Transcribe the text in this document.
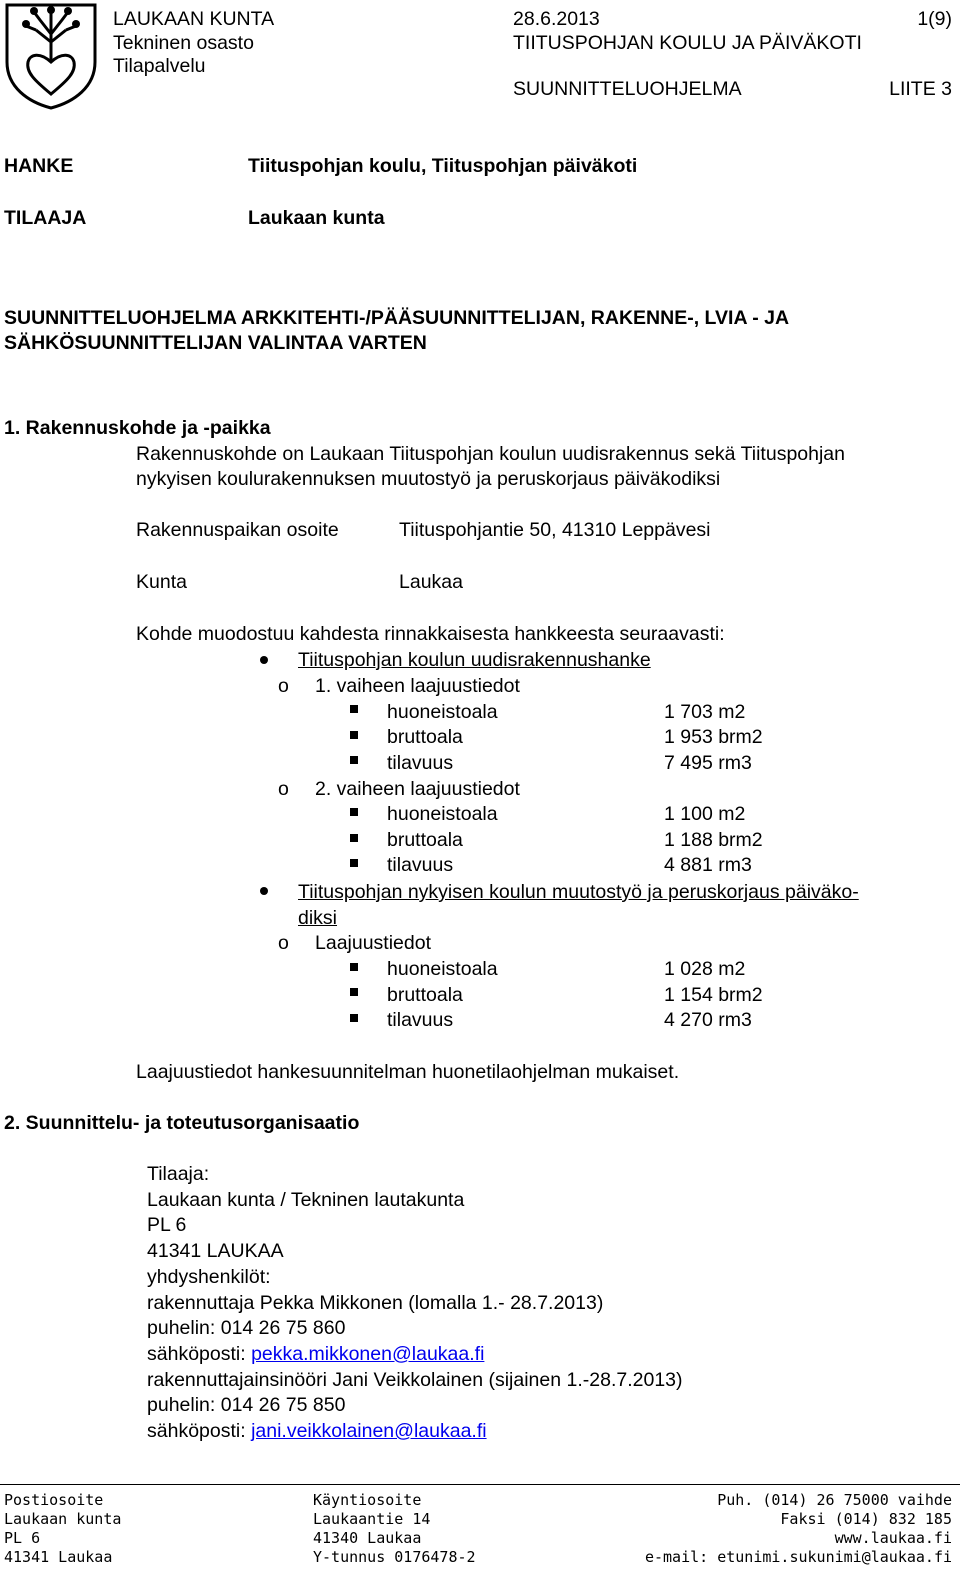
LAUKAAN KUNTA
Tekninen osasto
Tilapalvelu
28.6.2013
TIITUSPOHJAN KOULU JA PÄIVÄKOTI
SUUNNITTELUOHJELMA
1(9)
LIITE 3
HANKE	Tiituspohjan koulu, Tiituspohjan päiväkoti
TILAAJA	Laukaan kunta
SUUNNITTELUOHJELMA ARKKITEHTI-/PÄÄSUUNNITTELIJAN, RAKENNE-, LVIA - JA
SÄHKÖSUUNNITTELIJAN VALINTAA VARTEN
1. Rakennuskohde ja -paikka
Rakennuskohde on Laukaan Tiituspohjan koulun uudisrakennus sekä Tiituspohjan
nykyisen koulurakennuksen muutostyö ja peruskorjaus päiväkodiksi
Rakennuspaikan osoite	Tiituspohjantie 50, 41310 Leppävesi
Kunta	Laukaa
Kohde muodostuu kahdesta rinnakkaisesta hankkeesta seuraavasti:
Tiituspohjan koulun uudisrakennushanke
o 1. vaiheen laajuustiedot
huoneistoala	1 703 m2
bruttoala	1 953 brm2
tilavuus	7 495 rm3
o 2. vaiheen laajuustiedot
huoneistoala	1 100 m2
bruttoala	1 188 brm2
tilavuus	4 881 rm3
Tiituspohjan nykyisen koulun muutostyö ja peruskorjaus päiväko-
diksi
o Laajuustiedot
huoneistoala	1 028 m2
bruttoala	1 154 brm2
tilavuus	4 270 rm3
Laajuustiedot hankesuunnitelman huonetilaohjelman mukaiset.
2. Suunnittelu- ja toteutusorganisaatio
Tilaaja:
Laukaan kunta / Tekninen lautakunta
PL 6
41341 LAUKAA
yhdyshenkilöt:
rakennuttaja Pekka Mikkonen (lomalla 1.- 28.7.2013)
puhelin: 014 26 75 860
sähköposti: pekka.mikkonen@laukaa.fi
rakennuttajainsinööri Jani Veikkolainen (sijainen 1.-28.7.2013)
puhelin: 014 26 75 850
sähköposti: jani.veikkolainen@laukaa.fi
Postiosoite
Laukaan kunta
PL 6
41341 Laukaa
Käyntiosoite
Laukaantie 14
41340 Laukaa
Y-tunnus 0176478-2
Puh. (014) 26 75000 vaihde
Faksi (014) 832 185
www.laukaa.fi
e-mail: etunimi.sukunimi@laukaa.fi
